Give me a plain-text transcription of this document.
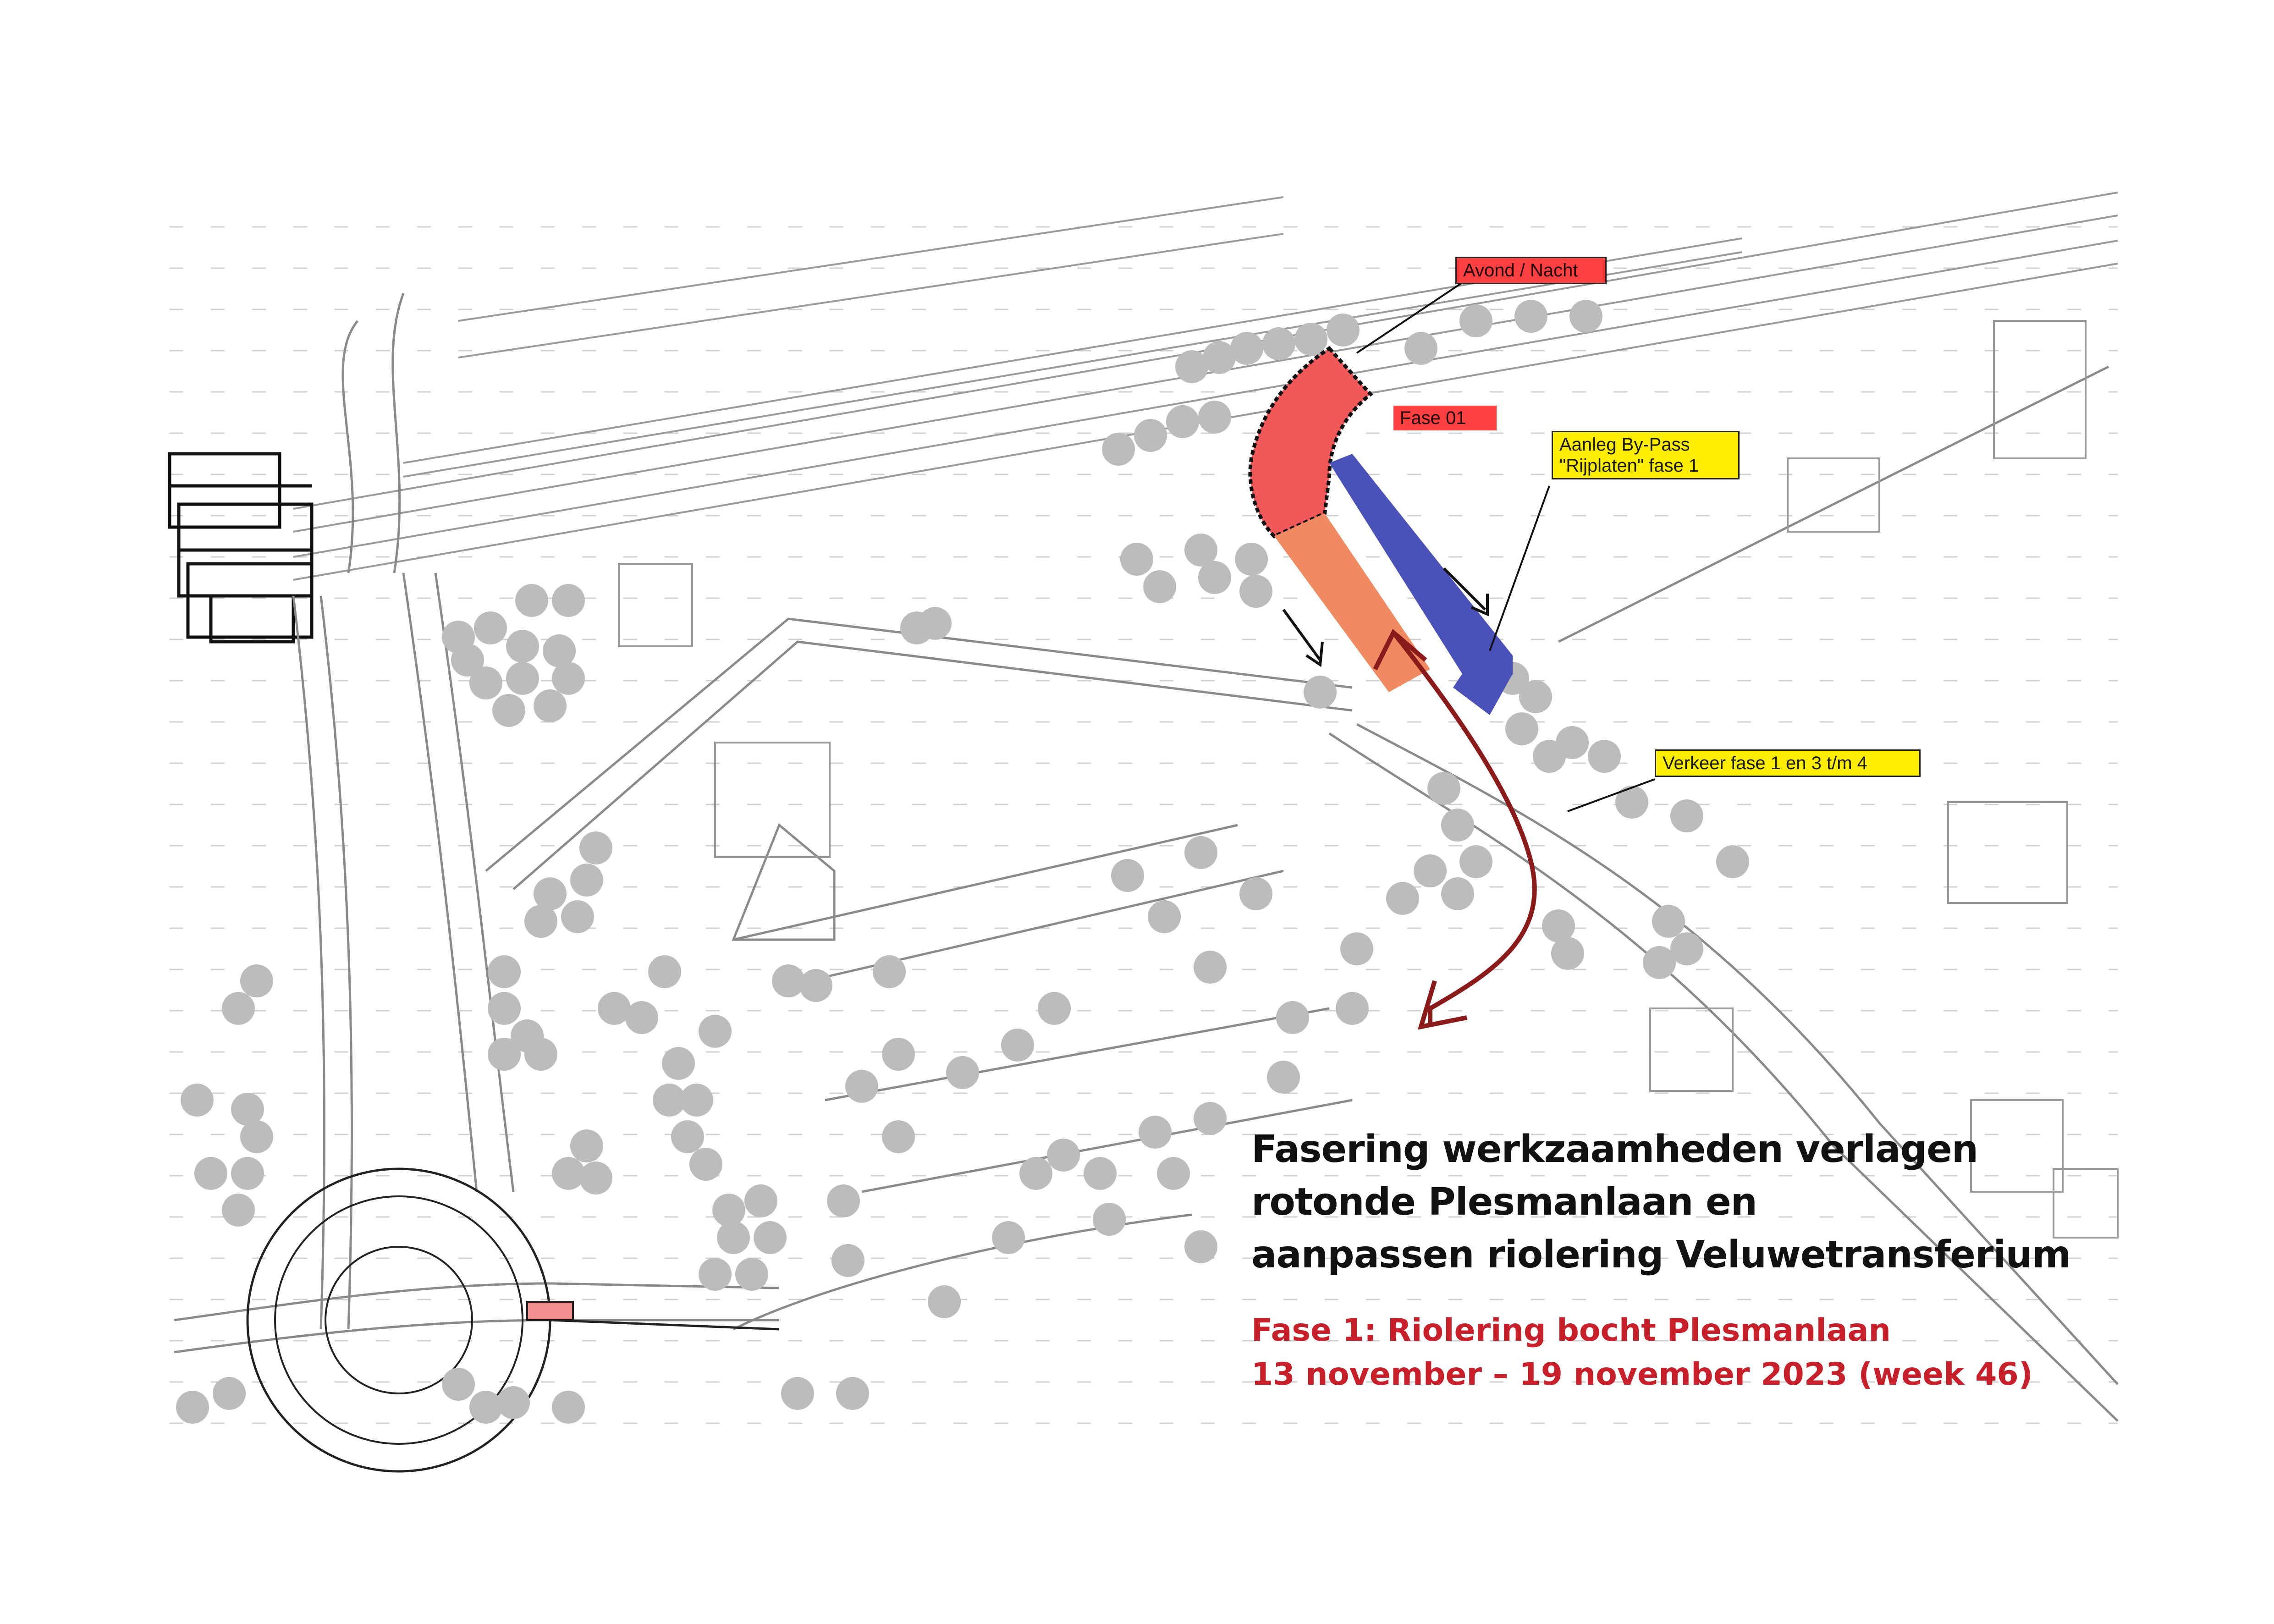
Avond / Nacht
Fase 01
Aanleg By-Pass
"Rijplaten" fase 1
Verkeer fase 1 en 3 t/m 4
Fasering werkzaamheden verlagen
rotonde Plesmanlaan en
aanpassen riolering Veluwetransferium
Fase 1: Riolering bocht Plesmanlaan
13 november – 19 november 2023 (week 46)
